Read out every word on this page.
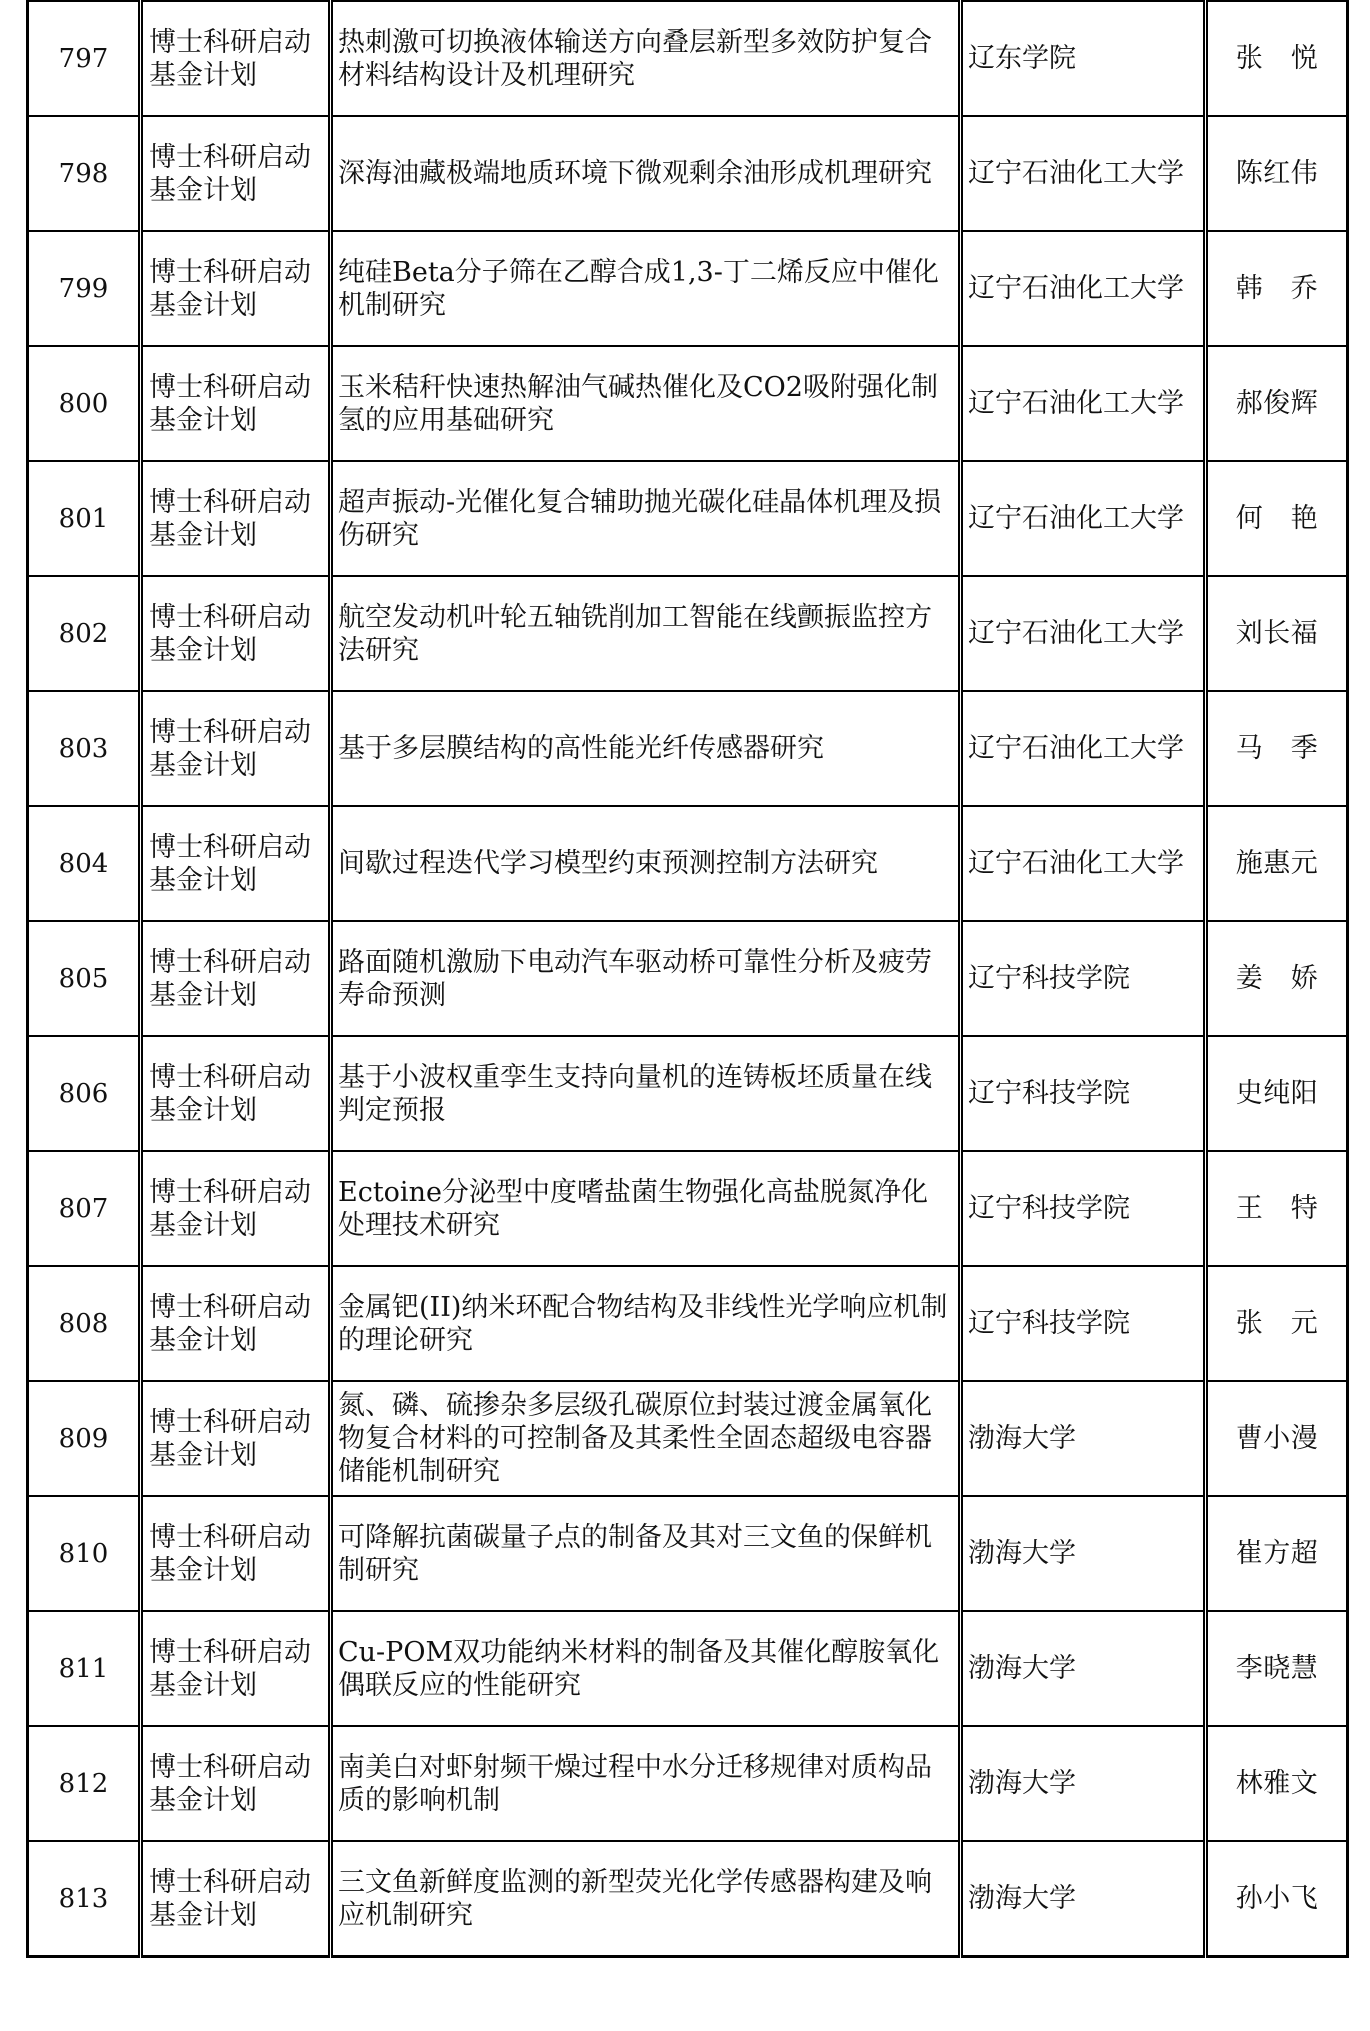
797	博士科研启动基金计划	热刺激可切换液体输送方向叠层新型多效防护复合材料结构设计及机理研究	辽东学院	张　悦
798	博士科研启动基金计划	深海油藏极端地质环境下微观剩余油形成机理研究	辽宁石油化工大学	陈红伟
799	博士科研启动基金计划	纯硅Beta分子筛在乙醇合成1,3-丁二烯反应中催化机制研究	辽宁石油化工大学	韩　乔
800	博士科研启动基金计划	玉米秸秆快速热解油气碱热催化及CO2吸附强化制氢的应用基础研究	辽宁石油化工大学	郝俊辉
801	博士科研启动基金计划	超声振动-光催化复合辅助抛光碳化硅晶体机理及损伤研究	辽宁石油化工大学	何　艳
802	博士科研启动基金计划	航空发动机叶轮五轴铣削加工智能在线颤振监控方法研究	辽宁石油化工大学	刘长福
803	博士科研启动基金计划	基于多层膜结构的高性能光纤传感器研究	辽宁石油化工大学	马　季
804	博士科研启动基金计划	间歇过程迭代学习模型约束预测控制方法研究	辽宁石油化工大学	施惠元
805	博士科研启动基金计划	路面随机激励下电动汽车驱动桥可靠性分析及疲劳寿命预测	辽宁科技学院	姜　娇
806	博士科研启动基金计划	基于小波权重孪生支持向量机的连铸板坯质量在线判定预报	辽宁科技学院	史纯阳
807	博士科研启动基金计划	Ectoine分泌型中度嗜盐菌生物强化高盐脱氮净化处理技术研究	辽宁科技学院	王　特
808	博士科研启动基金计划	金属钯(II)纳米环配合物结构及非线性光学响应机制的理论研究	辽宁科技学院	张　元
809	博士科研启动基金计划	氮、磷、硫掺杂多层级孔碳原位封装过渡金属氧化物复合材料的可控制备及其柔性全固态超级电容器储能机制研究	渤海大学	曹小漫
810	博士科研启动基金计划	可降解抗菌碳量子点的制备及其对三文鱼的保鲜机制研究	渤海大学	崔方超
811	博士科研启动基金计划	Cu-POM双功能纳米材料的制备及其催化醇胺氧化偶联反应的性能研究	渤海大学	李晓慧
812	博士科研启动基金计划	南美白对虾射频干燥过程中水分迁移规律对质构品质的影响机制	渤海大学	林雅文
813	博士科研启动基金计划	三文鱼新鲜度监测的新型荧光化学传感器构建及响应机制研究	渤海大学	孙小飞
